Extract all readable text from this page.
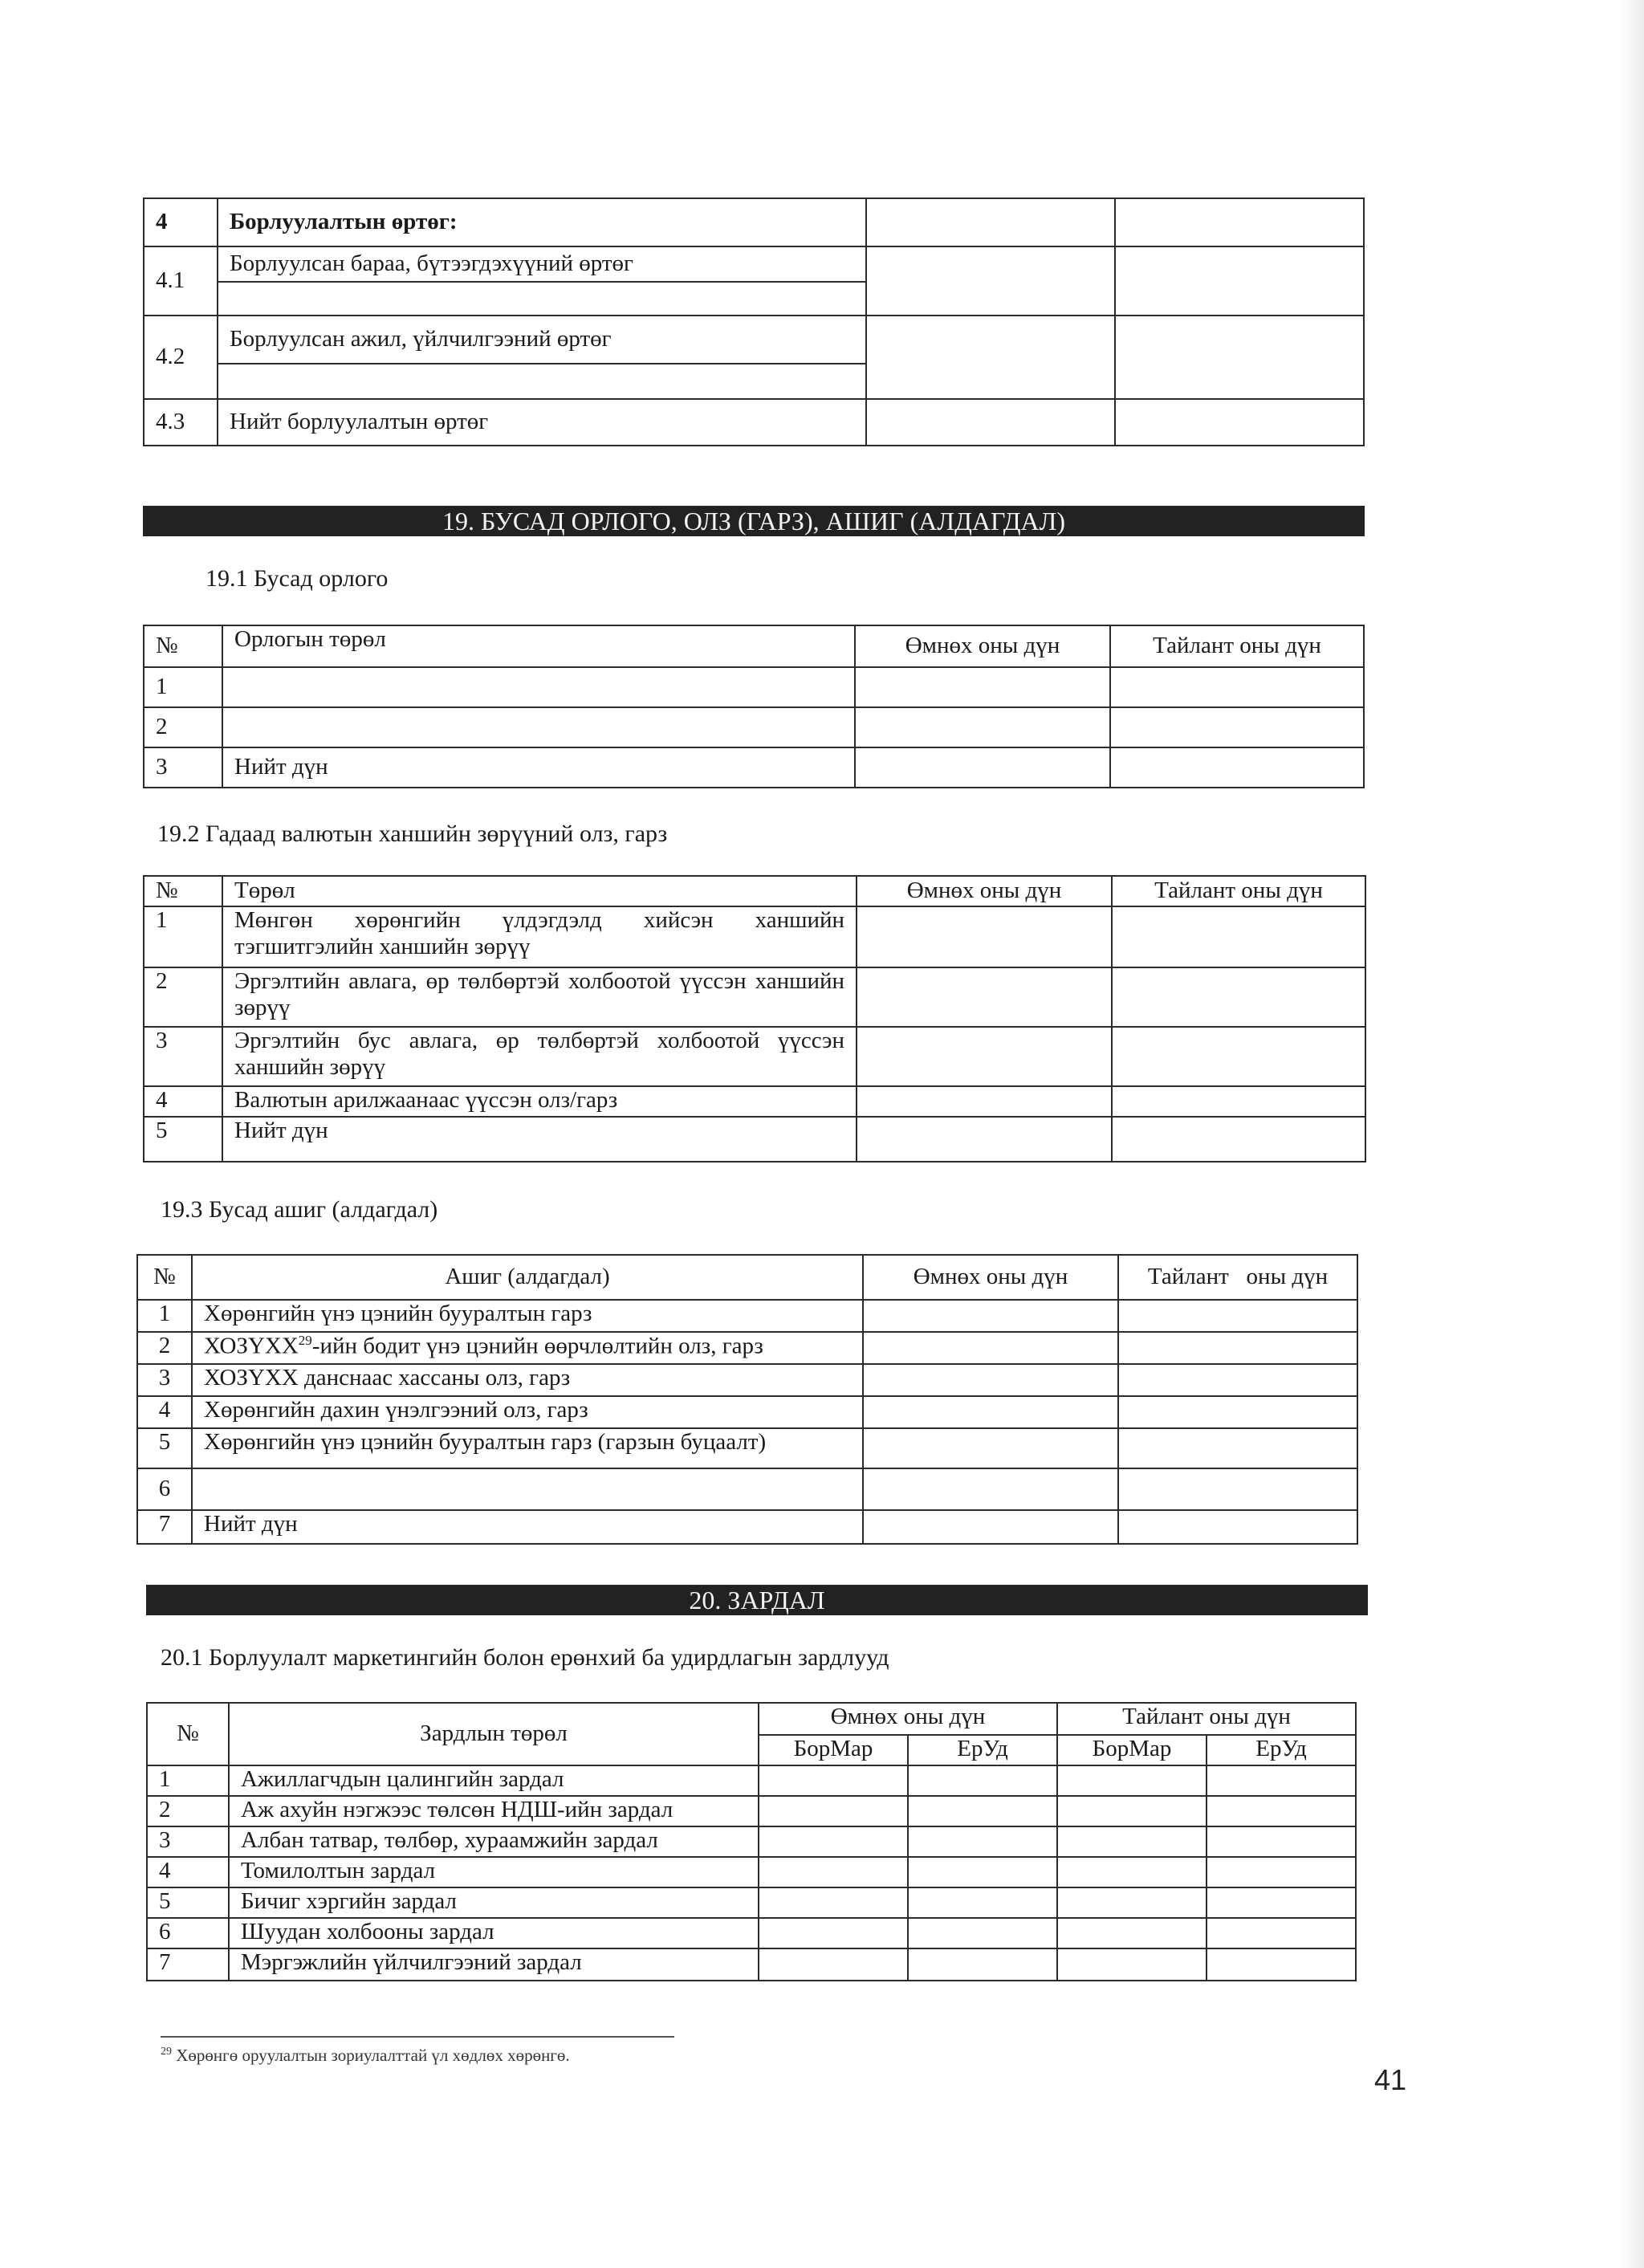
4	Борлуулалтын өртөг:		
4.1	Борлуулсан бараа, бүтээгдэхүүний өртөг		

4.2	Борлуулсан ажил, үйлчилгээний өртөг		

4.3	Нийт борлуулалтын өртөг		
19. БУСАД ОРЛОГО, ОЛЗ (ГАРЗ), АШИГ (АЛДАГДАЛ)
19.1 Бусад орлого
№	Орлогын төрөл	Өмнөх оны дүн	Тайлант оны дүн
1			
2			
3	Нийт дүн		
19.2 Гадаад валютын ханшийн зөрүүний олз, гарз
№	Төрөл	Өмнөх оны дүн	Тайлант оны дүн
1	Мөнгөн хөрөнгийн үлдэгдэлд хийсэн ханшийн тэгшитгэлийн ханшийн зөрүү		
2	Эргэлтийн авлага, өр төлбөртэй холбоотой үүссэн ханшийн зөрүү		
3	Эргэлтийн бус авлага, өр төлбөртэй холбоотой үүссэн ханшийн зөрүү		
4	Валютын арилжаанаас үүссэн олз/гарз		
5	Нийт дүн		
19.3 Бусад ашиг (алдагдал)
№	Ашиг (алдагдал)	Өмнөх оны дүн	Тайлант   оны дүн
1	Хөрөнгийн үнэ цэнийн бууралтын гарз		
2	ХОЗҮХХ$^{29}$-ийн бодит үнэ цэнийн өөрчлөлтийн олз, гарз		
3	ХОЗҮХХ данснаас хассаны олз, гарз		
4	Хөрөнгийн дахин үнэлгээний олз, гарз		
5	Хөрөнгийн үнэ цэнийн бууралтын гарз (гарзын буцаалт)		
6			
7	Нийт дүн		
20. ЗАРДАЛ
20.1 Борлуулалт маркетингийн болон ерөнхий ба удирдлагын зардлууд
№	Зардлын төрөл	Өмнөх оны дүн		Тайлант оны дүн	
		БорМар	ЕрУд	БорМар	ЕрУд
1	Ажиллагчдын цалингийн зардал				
2	Аж ахуйн нэгжээс төлсөн НДШ-ийн зардал				
3	Албан татвар, төлбөр, хураамжийн зардал				
4	Томилолтын зардал				
5	Бичиг хэргийн зардал				
6	Шуудан холбооны зардал				
7	Мэргэжлийн үйлчилгээний зардал				
$^{29}$ Хөрөнгө оруулалтын зориулалттай үл хөдлөх хөрөнгө.
41
